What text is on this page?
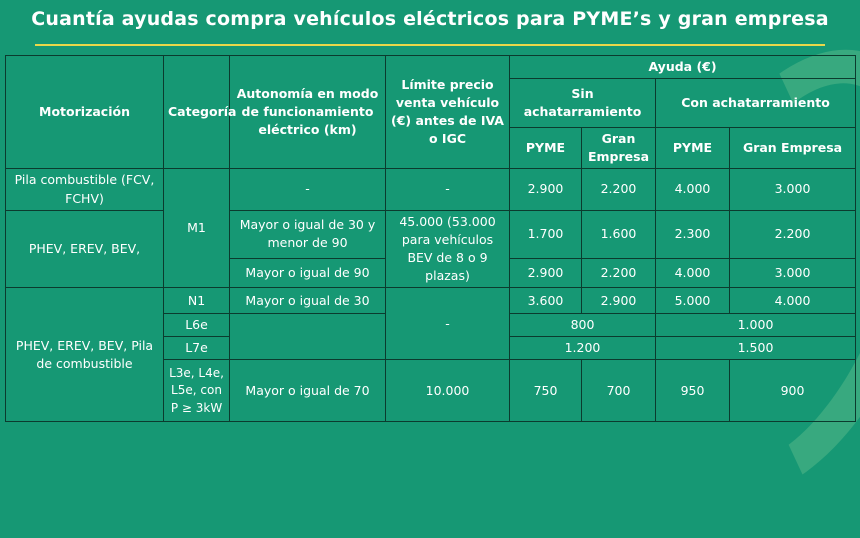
Cuantía ayudas compra vehículos eléctricos para PYME’s y gran empresa
Motorización	Categoría	Autonomía en modo de funcionamiento eléctrico (km)	Límite precio venta vehículo (€) antes de IVA o IGC	Ayuda (€)			
				Sin achatarramiento		Con achatarramiento	
				PYME	Gran Empresa	PYME	Gran Empresa
Pila combustible (FCV, FCHV)	M1	-	-	2.900	2.200	4.000	3.000
PHEV, EREV, BEV,		Mayor o igual de 30 y menor de 90	45.000 (53.000 para vehículos BEV de 8 o 9 plazas)	1.700	1.600	2.300	2.200
		Mayor o igual de 90		2.900	2.200	4.000	3.000
PHEV, EREV, BEV, Pila de combustible	N1	Mayor o igual de 30	-	3.600	2.900	5.000	4.000
	L6e			800		1.000	
	L7e			1.200		1.500	
	L3e, L4e, L5e, con P ≥ 3kW	Mayor o igual de 70	10.000	750	700	950	900
